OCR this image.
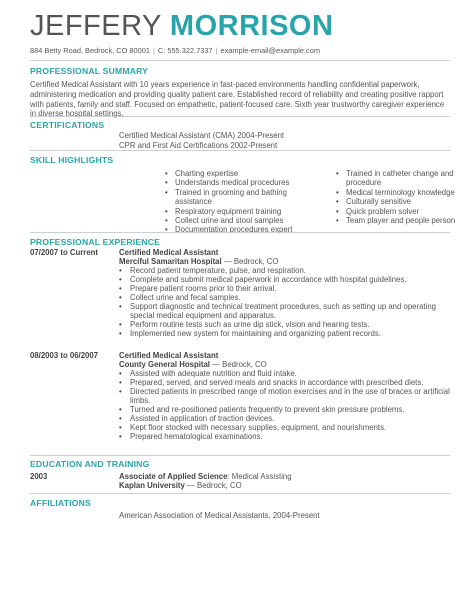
JEFFERY MORRISON
884 Betty Road, Bedrock, CO 80001 | C: 555.322.7337 | example-email@example.com
PROFESSIONAL SUMMARY
Certified Medical Assistant with 10 years experience in fast-paced environments handling confidential paperwork, administering medication and providing quality patient care. Established record of reliability and creating positive rapport with patients, family and staff. Focused on empathetic, patient-focused care. Sixth year trustworthy caregiver experience in diverse hospital settings.
CERTIFICATIONS
Certified Medical Assistant (CMA) 2004-Present
CPR and First Aid Certifications 2002-Present
SKILL HIGHLIGHTS
• Charting expertise
• Understands medical procedures
• Trained in grooming and bathing assistance
• Respiratory equipment training
• Collect urine and stool samples
• Documentation procedures expert
• Trained in catheter change and procedure
• Medical terminology knowledge
• Culturally sensitive
• Quick problem solver
• Team player and people person
PROFESSIONAL EXPERIENCE
07/2007 to Current	Certified Medical Assistant
Merciful Samaritan Hospital — Bedrock, CO
• Record patient temperature, pulse, and respiration.
• Complete and submit medical paperwork in accordance with hospital guidelines.
• Prepare patient rooms prior to their arrival.
• Collect urine and fecal samples.
• Support diagnostic and technical treatment procedures, such as setting up and operating special medical equipment and apparatus.
• Perform routine tests such as urine dip stick, vision and hearing tests.
• Implemented new system for maintaining and organizing patient records.
08/2003 to 06/2007	Certified Medical Assistant
County General Hospital — Bedrock, CO
• Assisted with adequate nutrition and fluid intake.
• Prepared, served, and served meals and snacks in accordance with prescribed diets.
• Directed patients in prescribed range of motion exercises and in the use of braces or artificial limbs.
• Turned and re-positioned patients frequently to prevent skin pressure problems.
• Assisted in application of traction devices.
• Kept floor stocked with necessary supplies, equipment, and nourishments.
• Prepared hematological examinations.
EDUCATION AND TRAINING
2003	Associate of Applied Science: Medical Assisting
Kaplan University — Bedrock, CO
AFFILIATIONS
American Association of Medical Assistants, 2004-Present
